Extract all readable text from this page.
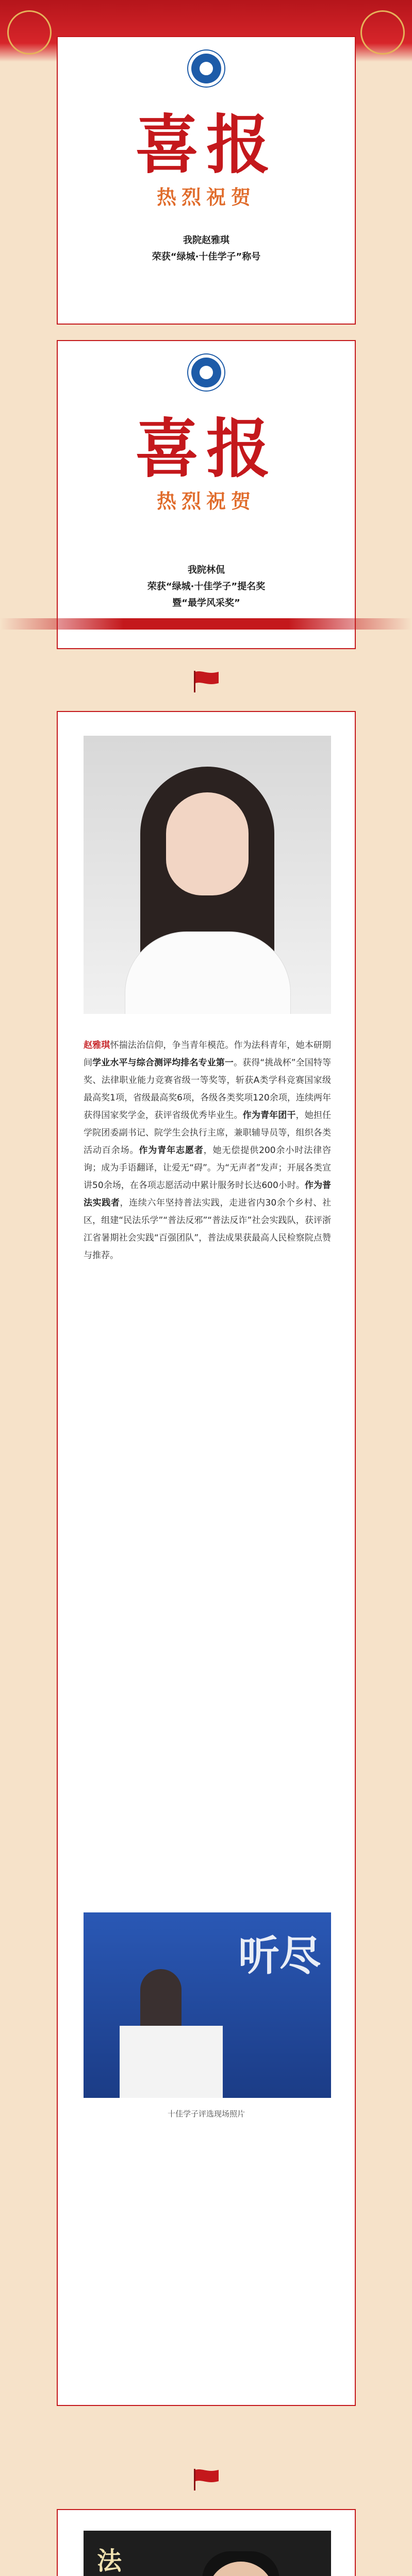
喜报
热烈祝贺
我院赵雅琪
荣获“绿城·十佳学子”称号
喜报
热烈祝贺
我院林侃
荣获“绿城·十佳学子”提名奖
暨“最学风采奖”
赵雅琪怀揣法治信仰，争当青年模范。作为法科青年，她本研期间学业水平与综合测评均排名专业第一。获得“挑战杯”全国特等奖、法律职业能力竞赛省级一等奖等，斩获A类学科竞赛国家级最高奖1项，省级最高奖6项，各级各类奖项120余项，连续两年获得国家奖学金，获评省级优秀毕业生。作为青年团干，她担任学院团委副书记、院学生会执行主席，兼职辅导员等，组织各类活动百余场。作为青年志愿者，她无偿提供200余小时法律咨询；成为手语翻译，让爱无“碍”。为“无声者”发声；开展各类宣讲50余场，在各项志愿活动中累计服务时长达600小时。作为普法实践者，连续六年坚持普法实践，走进省内30余个乡村、社区，组建“民法乐学”“普法反邪”“普法反诈”社会实践队，获评浙江省暑期社会实践“百强团队”，普法成果获最高人民检察院点赞与推荐。
听尽
十佳学子评选现场照片
法
